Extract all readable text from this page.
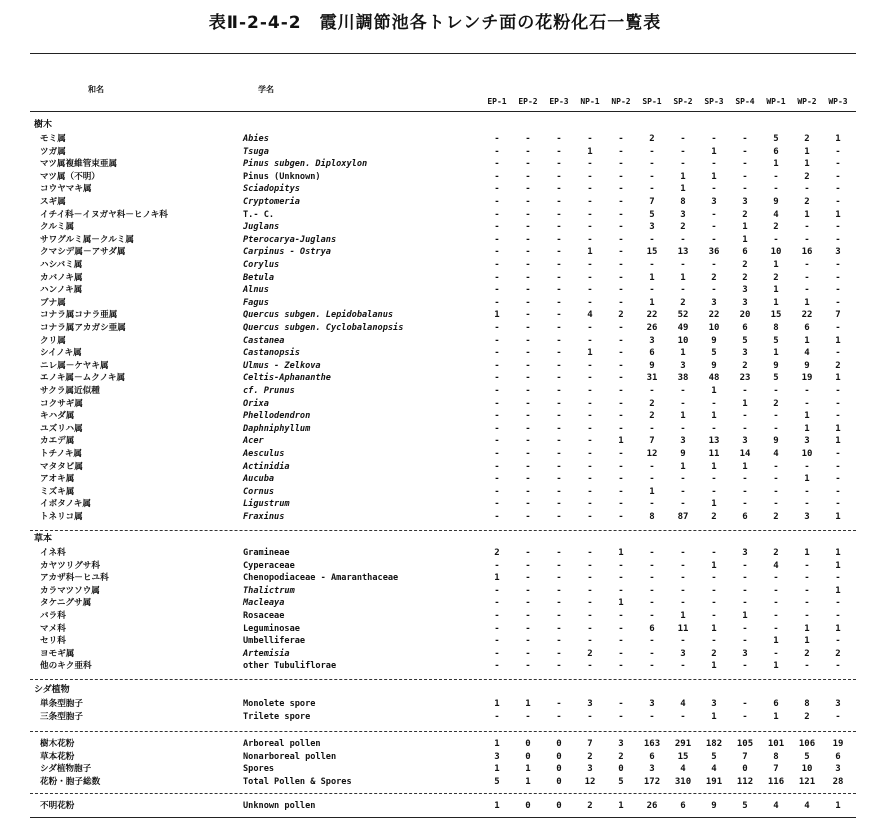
表Ⅱ-2-4-2　霞川調節池各トレンチ面の花粉化石一覧表
和名	学名
EP-1	EP-2	EP-3	NP-1	NP-2	SP-1	SP-2	SP-3	SP-4	WP-1	WP-2	WP-3
樹木
モミ属	Abies	-	-	-	-	-	2	-	-	-	5	2	1
ツガ属	Tsuga	-	-	-	1	-	-	-	1	-	6	1	-
マツ属複維管束亜属	Pinus subgen. Diploxylon	-	-	-	-	-	-	-	-	-	1	1	-
マツ属（不明）	Pinus (Unknown)	-	-	-	-	-	-	1	1	-	-	2	-
コウヤマキ属	Sciadopitys	-	-	-	-	-	-	1	-	-	-	-	-
スギ属	Cryptomeria	-	-	-	-	-	7	8	3	3	9	2	-
イチイ科－イヌガヤ科－ヒノキ科	T.- C.	-	-	-	-	-	5	3	-	2	4	1	1
クルミ属	Juglans	-	-	-	-	-	3	2	-	1	2	-	-
サワグルミ属－クルミ属	Pterocarya-Juglans	-	-	-	-	-	-	-	-	1	-	-	-
クマシデ属－アサダ属	Carpinus - Ostrya	-	-	-	1	-	15	13	36	6	10	16	3
ハシバミ属	Corylus	-	-	-	-	-	-	-	-	2	1	-	-
カバノキ属	Betula	-	-	-	-	-	1	1	2	2	2	-	-
ハンノキ属	Alnus	-	-	-	-	-	-	-	-	3	1	-	-
ブナ属	Fagus	-	-	-	-	-	1	2	3	3	1	1	-
コナラ属コナラ亜属	Quercus subgen. Lepidobalanus	1	-	-	4	2	22	52	22	20	15	22	7
コナラ属アカガシ亜属	Quercus subgen. Cyclobalanopsis	-	-	-	-	-	26	49	10	6	8	6	-
クリ属	Castanea	-	-	-	-	-	3	10	9	5	5	1	1
シイノキ属	Castanopsis	-	-	-	1	-	6	1	5	3	1	4	-
ニレ属－ケヤキ属	Ulmus - Zelkova	-	-	-	-	-	9	3	9	2	9	9	2
エノキ属－ムクノキ属	Celtis-Aphananthe	-	-	-	-	-	31	38	48	23	5	19	1
サクラ属近似種	cf. Prunus	-	-	-	-	-	-	-	1	-	-	-	-
コクサギ属	Orixa	-	-	-	-	-	2	-	-	1	2	-	-
キハダ属	Phellodendron	-	-	-	-	-	2	1	1	-	-	1	-
ユズリハ属	Daphniphyllum	-	-	-	-	-	-	-	-	-	-	1	1
カエデ属	Acer	-	-	-	-	1	7	3	13	3	9	3	1
トチノキ属	Aesculus	-	-	-	-	-	12	9	11	14	4	10	-
マタタビ属	Actinidia	-	-	-	-	-	-	1	1	1	-	-	-
アオキ属	Aucuba	-	-	-	-	-	-	-	-	-	-	1	-
ミズキ属	Cornus	-	-	-	-	-	1	-	-	-	-	-	-
イボタノキ属	Ligustrum	-	-	-	-	-	-	-	1	-	-	-	-
トネリコ属	Fraxinus	-	-	-	-	-	8	87	2	6	2	3	1
草本
イネ科	Gramineae	2	-	-	-	1	-	-	-	3	2	1	1
カヤツリグサ科	Cyperaceae	-	-	-	-	-	-	-	1	-	4	-	1
アカザ科－ヒユ科	Chenopodiaceae - Amaranthaceae	1	-	-	-	-	-	-	-	-	-	-	-
カラマツソウ属	Thalictrum	-	-	-	-	-	-	-	-	-	-	-	1
タケニグサ属	Macleaya	-	-	-	-	1	-	-	-	-	-	-	-
バラ科	Rosaceae	-	-	-	-	-	-	1	-	1	-	-	-
マメ科	Leguminosae	-	-	-	-	-	6	11	1	-	-	1	1
セリ科	Umbelliferae	-	-	-	-	-	-	-	-	-	1	1	-
ヨモギ属	Artemisia	-	-	-	2	-	-	3	2	3	-	2	2
他のキク亜科	other Tubuliflorae	-	-	-	-	-	-	-	1	-	1	-	-
シダ植物
単条型胞子	Monolete spore	1	1	-	3	-	3	4	3	-	6	8	3
三条型胞子	Trilete spore	-	-	-	-	-	-	-	1	-	1	2	-
樹木花粉	Arboreal pollen	1	0	0	7	3	163	291	182	105	101	106	19
草本花粉	Nonarboreal pollen	3	0	0	2	2	6	15	5	7	8	5	6
シダ植物胞子	Spores	1	1	0	3	0	3	4	4	0	7	10	3
花粉・胞子総数	Total Pollen & Spores	5	1	0	12	5	172	310	191	112	116	121	28
不明花粉	Unknown pollen	1	0	0	2	1	26	6	9	5	4	4	1
